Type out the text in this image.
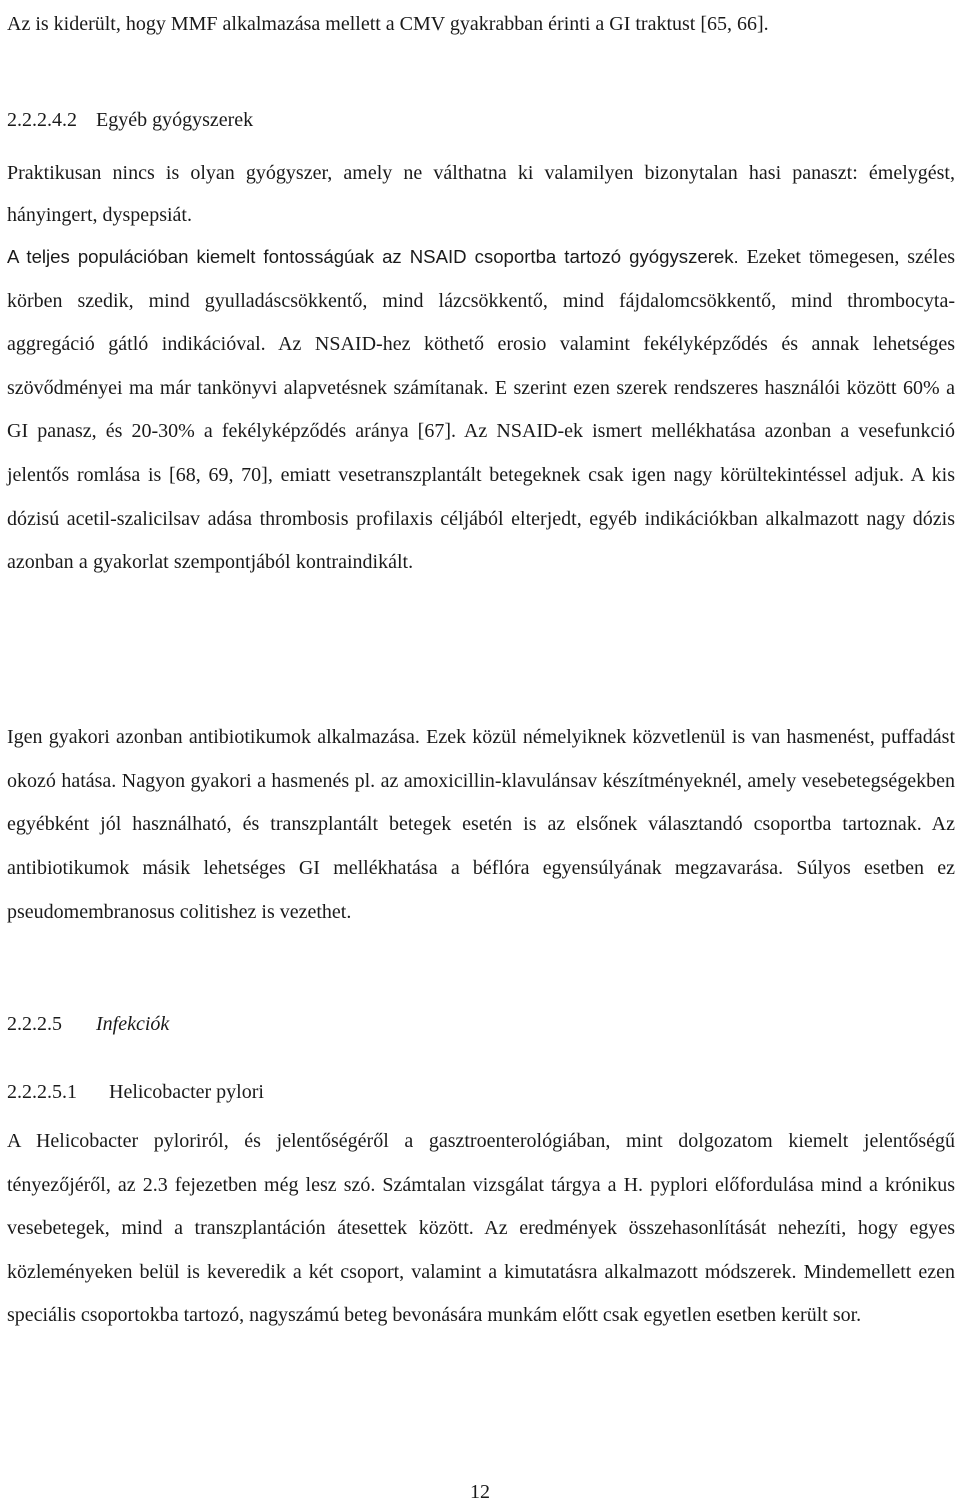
Az is kiderült, hogy MMF alkalmazása mellett a CMV gyakrabban érinti a GI traktust [65, 66].

2.2.2.4.2 Egyéb gyógyszerek

Praktikusan nincs is olyan gyógyszer, amely ne válthatna ki valamilyen bizonytalan hasi panaszt: émelygést, hányingert, dyspepsiát.

A teljes populációban kiemelt fontosságúak az NSAID csoportba tartozó gyógyszerek. Ezeket tömegesen, széles körben szedik, mind gyulladáscsökkentő, mind lázcsökkentő, mind fájdalomcsökkentő, mind thrombocyta-aggregáció gátló indikációval. Az NSAID-hez köthető erosio valamint fekélyképződés és annak lehetséges szövődményei ma már tankönyvi alapvetésnek számítanak. E szerint ezen szerek rendszeres használói között 60% a GI panasz, és 20-30% a fekélyképződés aránya [67]. Az NSAID-ek ismert mellékhatása azonban a vesefunkció jelentős romlása is [68, 69, 70], emiatt vesetranszplantált betegeknek csak igen nagy körültekintéssel adjuk. A kis dózisú acetil-szalicilsav adása thrombosis profilaxis céljából elterjedt, egyéb indikációkban alkalmazott nagy dózis azonban a gyakorlat szempontjából kontraindikált.

Igen gyakori azonban antibiotikumok alkalmazása. Ezek közül némelyiknek közvetlenül is van hasmenést, puffadást okozó hatása. Nagyon gyakori a hasmenés pl. az amoxicillin-klavulánsav készítményeknél, amely vesebetegségekben egyébként jól használható, és transzplantált betegek esetén is az elsőnek választandó csoportba tartoznak. Az antibiotikumok másik lehetséges GI mellékhatása a béflóra egyensúlyának megzavarása. Súlyos esetben ez pseudomembranosus colitishez is vezethet.

2.2.2.5 Infekciók

2.2.2.5.1 Helicobacter pylori

A Helicobacter pyloriról, és jelentőségéről a gasztroenterológiában, mint dolgozatom kiemelt jelentőségű tényezőjéről, az 2.3 fejezetben még lesz szó. Számtalan vizsgálat tárgya a H. pyplori előfordulása mind a krónikus vesebetegek, mind a transzplantáción átesettek között. Az eredmények összehasonlítását nehezíti, hogy egyes közleményeken belül is keveredik a két csoport, valamint a kimutatásra alkalmazott módszerek. Mindemellett ezen speciális csoportokba tartozó, nagyszámú beteg bevonására munkám előtt csak egyetlen esetben került sor.

12
